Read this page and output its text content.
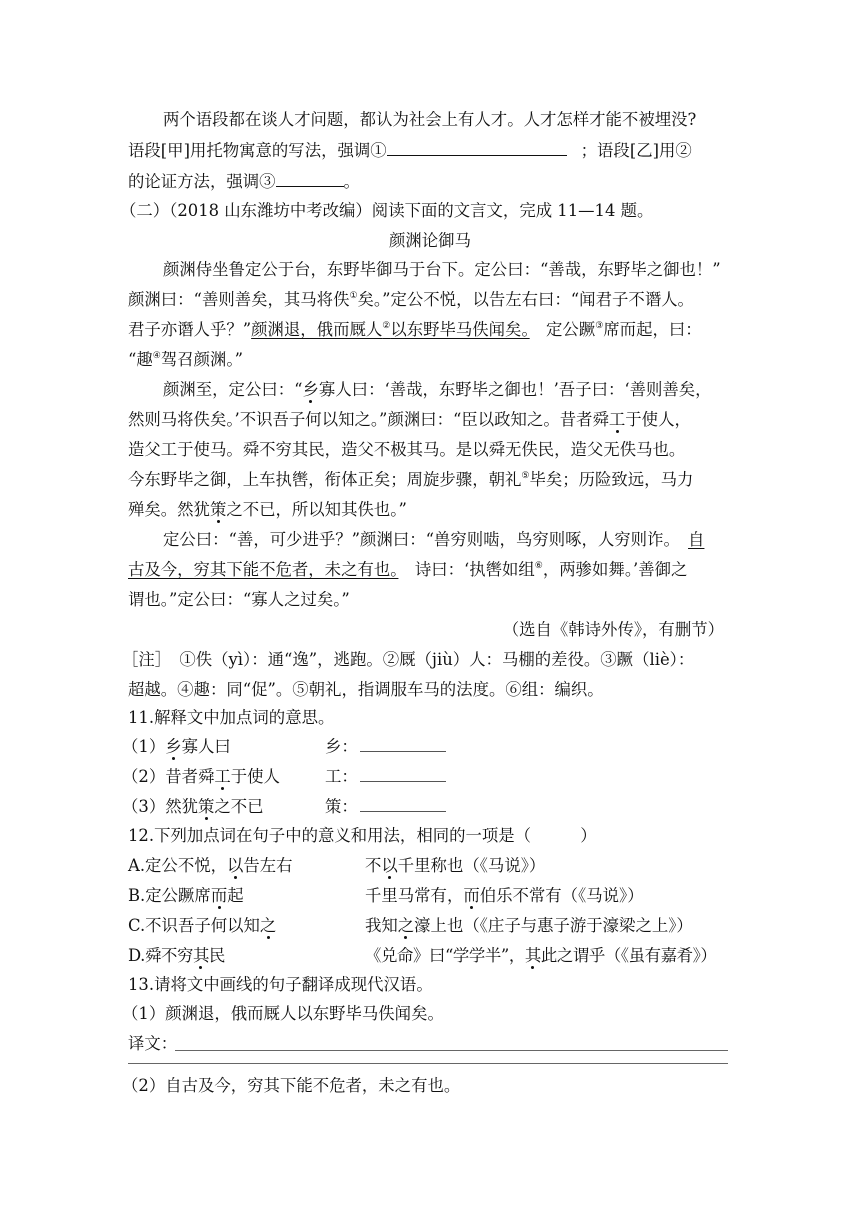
两个语段都在谈人才问题，都认为社会上有人才。人才怎样才能不被埋没?
语段[甲]用托物寓意的写法，强调①	；语段[乙]用②
的论证方法，强调③	。
（二）（2018 山东潍坊中考改编）阅读下面的文言文，完成 11—14 题。
颜渊论御马
颜渊侍坐鲁定公于台，东野毕御马于台下。定公曰：“善哉，东野毕之御也！”
颜渊曰：“善则善矣，其马将佚①矣。”定公不悦，以告左右曰：“闻君子不谮人。
君子亦谮人乎？”颜渊退，俄而厩人②以东野毕马佚闻矣。　 定公蹶③席而起，曰：
“趣④驾召颜渊。”
颜渊至，定公曰：“乡寡人曰：‘善哉，东野毕之御也！’吾子曰：‘善则善矣，
然则马将佚矣。’不识吾子何以知之。”颜渊曰：“臣以政知之。昔者舜工于使人，
造父工于使马。舜不穷其民，造父不极其马。是以舜无佚民，造父无佚马也。
今东野毕之御，上车执辔，衔体正矣；周旋步骤，朝礼⑤毕矣；历险致远，马力
殚矣。然犹策之不已，所以知其佚也。”
定公曰：“善，可少进乎？”颜渊曰：“兽穷则啮，鸟穷则啄，人穷则诈。　 自
古及今，穷其下能不危者，未之有也。　 诗曰：‘执辔如组⑥，两骖如舞。’善御之
谓也。”定公曰：“寡人之过矣。”
（选自《韩诗外传》，有删节）
［注］　①佚（yì）：通“逸”，逃跑。②厩（jiù）人：马棚的差役。③蹶（liè）：
超越。④趣：同“促”。⑤朝礼，指调服车马的法度。⑥组：编织。
11.解释文中加点词的意思。
（1）乡寡人曰	乡：
（2）昔者舜工于使人	工：
（3）然犹策之不已	策：
12.下列加点词在句子中的意义和用法，相同的一项是（　　　）
A.定公不悦，以告左右	不以千里称也（《马说》）
B.定公蹶席而起	千里马常有，而伯乐不常有（《马说》）
C.不识吾子何以知之	我知之濠上也（《庄子与惠子游于濠梁之上》）
D.舜不穷其民	《兑命》曰“学学半”，其此之谓乎（《虽有嘉肴》）
13.请将文中画线的句子翻译成现代汉语。
（1）颜渊退，俄而厩人以东野毕马佚闻矣。
译文：
（2）自古及今，穷其下能不危者，未之有也。
